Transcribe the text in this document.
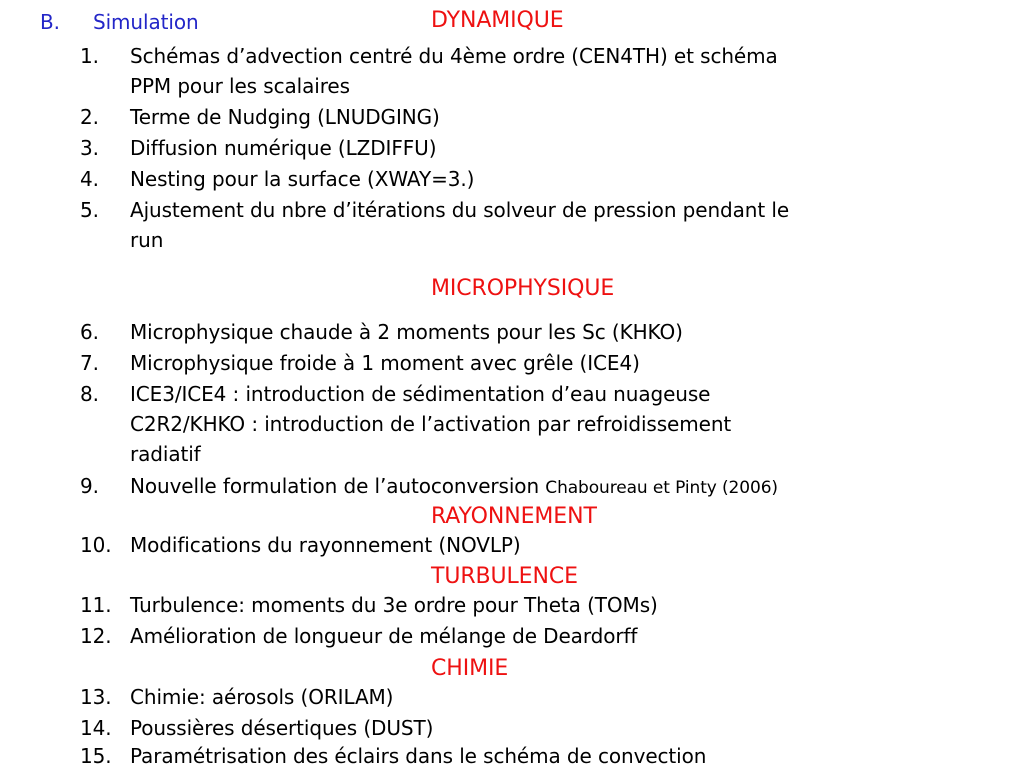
B. Simulation	DYNAMIQUE
1. Schémas d’advection centré du 4ème ordre (CEN4TH) et schéma
PPM pour les scalaires
2. Terme de Nudging (LNUDGING)
3. Diffusion numérique (LZDIFFU)
4. Nesting pour la surface (XWAY=3.)
5. Ajustement du nbre d’itérations du solveur de pression pendant le
run
MICROPHYSIQUE
6. Microphysique chaude à 2 moments pour les Sc (KHKO)
7. Microphysique froide à 1 moment avec grêle (ICE4)
8. ICE3/ICE4 : introduction de sédimentation d’eau nuageuse
C2R2/KHKO : introduction de l’activation par refroidissement
radiatif
9. Nouvelle formulation de l’autoconversion Chaboureau et Pinty (2006)
RAYONNEMENT
10. Modifications du rayonnement (NOVLP)
TURBULENCE
11. Turbulence: moments du 3e ordre pour Theta (TOMs)
12. Amélioration de longueur de mélange de Deardorff
CHIMIE
13. Chimie: aérosols (ORILAM)
14. Poussières désertiques (DUST)
15. Paramétrisation des éclairs dans le schéma de convection
